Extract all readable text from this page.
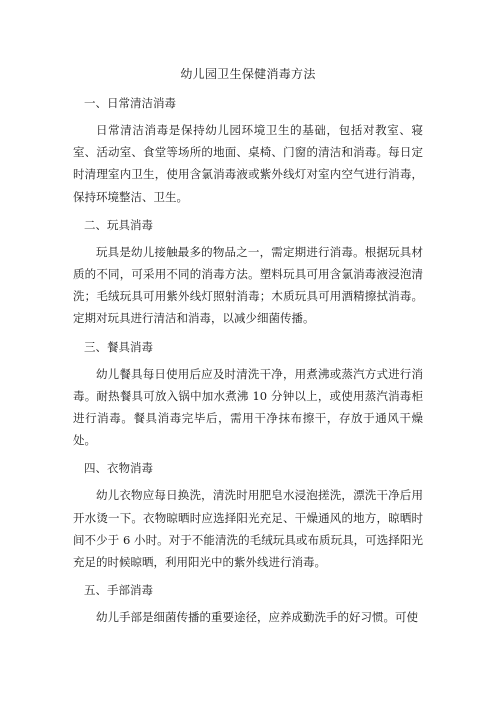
幼儿园卫生保健消毒方法
一、日常清洁消毒

日常清洁消毒是保持幼儿园环境卫生的基础，包括对教室、寝室、活动室、食堂等场所的地面、桌椅、门窗的清洁和消毒。每日定时清理室内卫生，使用含氯消毒液或紫外线灯对室内空气进行消毒，保持环境整洁、卫生。

二、玩具消毒

玩具是幼儿接触最多的物品之一，需定期进行消毒。根据玩具材质的不同，可采用不同的消毒方法。塑料玩具可用含氯消毒液浸泡清洗；毛绒玩具可用紫外线灯照射消毒；木质玩具可用酒精擦拭消毒。定期对玩具进行清洁和消毒，以减少细菌传播。

三、餐具消毒

幼儿餐具每日使用后应及时清洗干净，用煮沸或蒸汽方式进行消毒。耐热餐具可放入锅中加水煮沸 10 分钟以上，或使用蒸汽消毒柜进行消毒。餐具消毒完毕后，需用干净抹布擦干，存放于通风干燥处。

四、衣物消毒

幼儿衣物应每日换洗，清洗时用肥皂水浸泡搓洗，漂洗干净后用开水烫一下。衣物晾晒时应选择阳光充足、干燥通风的地方，晾晒时间不少于 6 小时。对于不能清洗的毛绒玩具或布质玩具，可选择阳光充足的时候晾晒，利用阳光中的紫外线进行消毒。

五、手部消毒

幼儿手部是细菌传播的重要途径，应养成勤洗手的好习惯。可使
